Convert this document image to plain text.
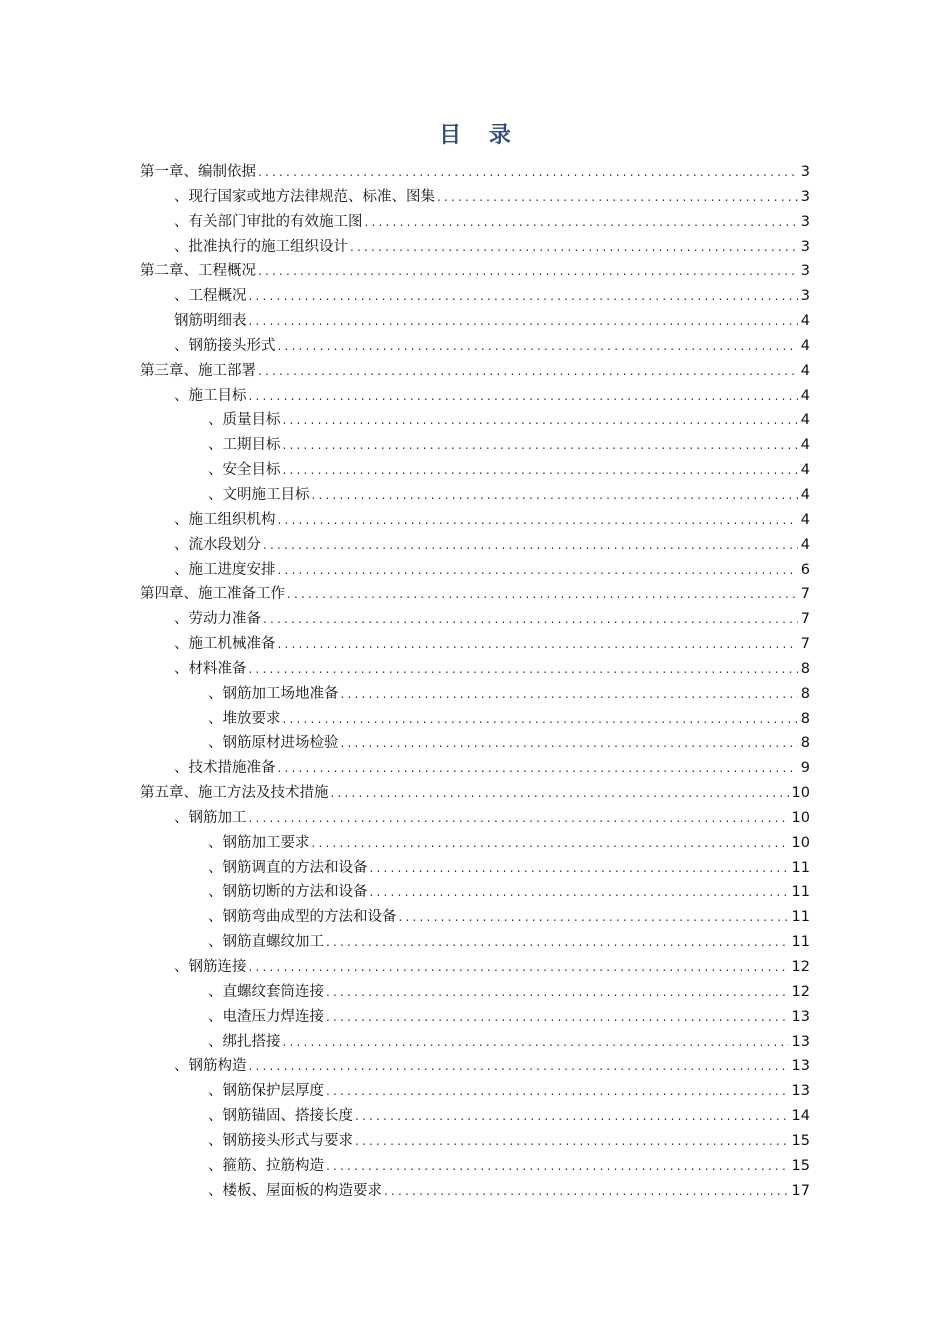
目 录
第一章、编制依据 .....	3
、现行国家或地方法律规范、标准、图集 .....	3
、有关部门审批的有效施工图 .....	3
、批准执行的施工组织设计 .....	3
第二章、工程概况 .....	3
、工程概况 .....	3
钢筋明细表 .....	4
、钢筋接头形式 .....	4
第三章、施工部署 .....	4
、施工目标 .....	4
、质量目标 .....	4
、工期目标 .....	4
、安全目标 .....	4
、文明施工目标 .....	4
、施工组织机构 .....	4
、流水段划分 .....	4
、施工进度安排 .....	6
第四章、施工准备工作 .....	7
、劳动力准备 .....	7
、施工机械准备 .....	7
、材料准备 .....	8
、钢筋加工场地准备 .....	8
、堆放要求 .....	8
、钢筋原材进场检验 .....	8
、技术措施准备 .....	9
第五章、施工方法及技术措施 .....	10
、钢筋加工 .....	10
、钢筋加工要求 .....	10
、钢筋调直的方法和设备 .....	11
、钢筋切断的方法和设备 .....	11
、钢筋弯曲成型的方法和设备 .....	11
、钢筋直螺纹加工 .....	11
、钢筋连接 .....	12
、直螺纹套筒连接 .....	12
、电渣压力焊连接 .....	13
、绑扎搭接 .....	13
、钢筋构造 .....	13
、钢筋保护层厚度 .....	13
、钢筋锚固、搭接长度 .....	14
、钢筋接头形式与要求 .....	15
、箍筋、拉筋构造 .....	15
、楼板、屋面板的构造要求 .....	17
